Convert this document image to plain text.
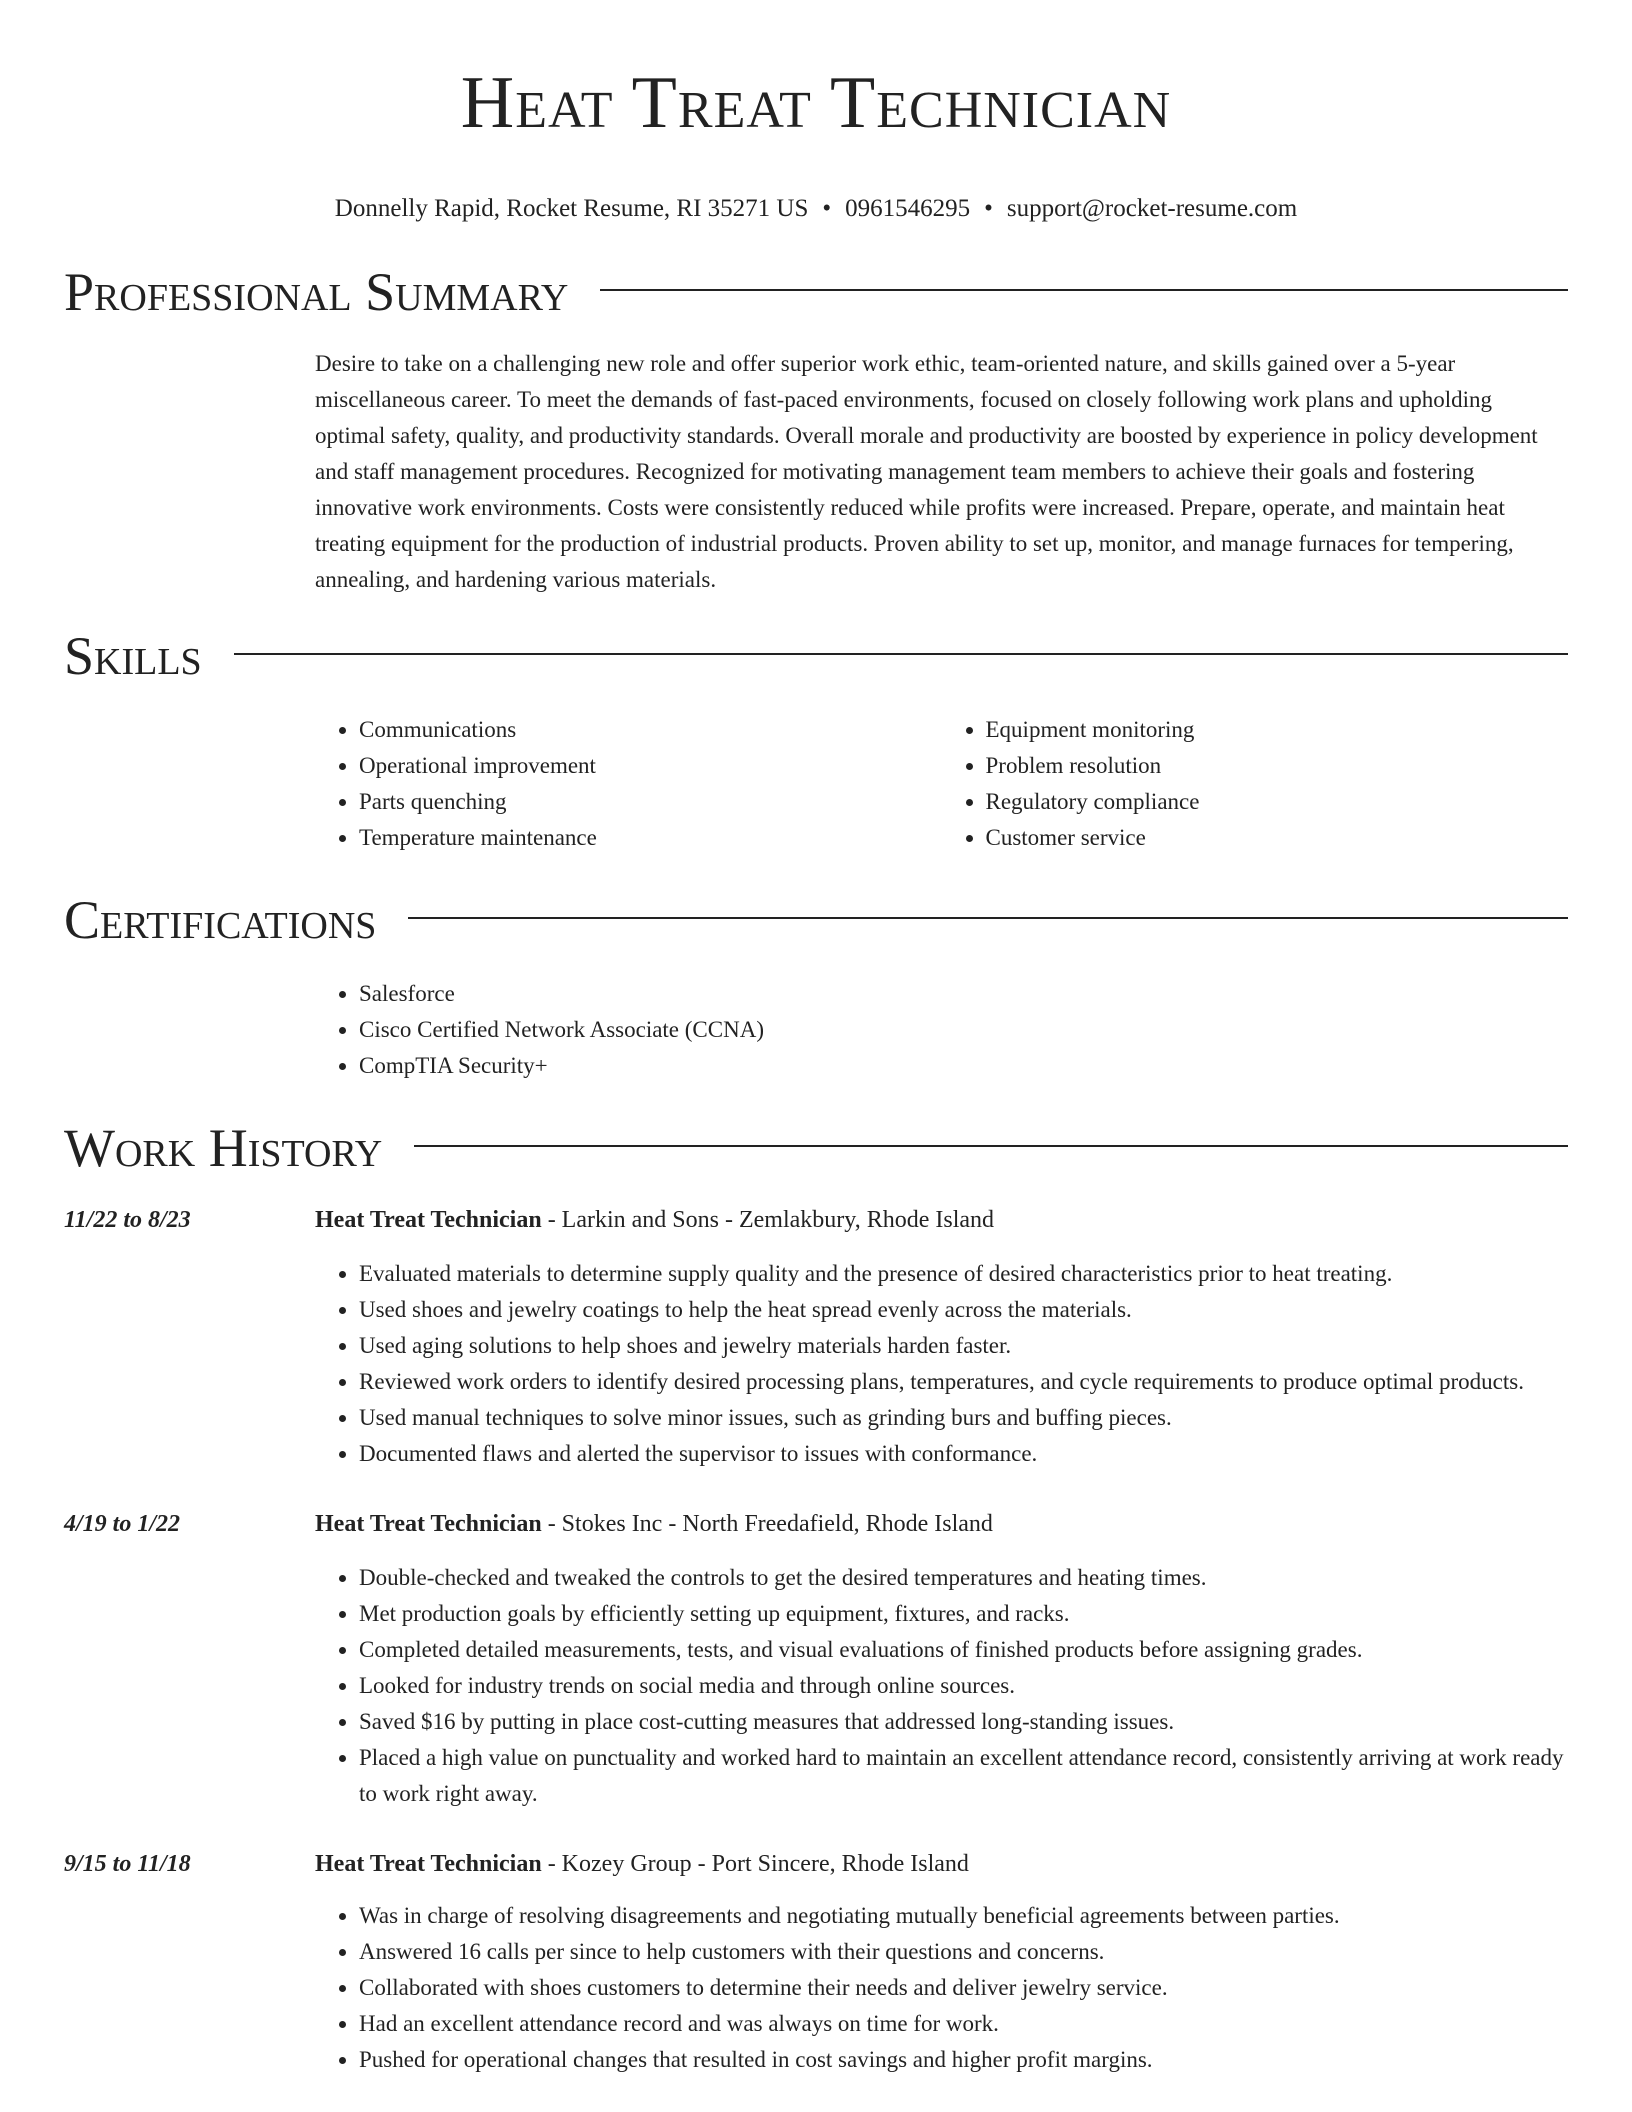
Heat Treat Technician
Donnelly Rapid, Rocket Resume, RI 35271 US • 0961546295 • support@rocket-resume.com
Professional Summary
Desire to take on a challenging new role and offer superior work ethic, team-oriented nature, and skills gained over a 5-year miscellaneous career. To meet the demands of fast-paced environments, focused on closely following work plans and upholding optimal safety, quality, and productivity standards. Overall morale and productivity are boosted by experience in policy development and staff management procedures. Recognized for motivating management team members to achieve their goals and fostering innovative work environments. Costs were consistently reduced while profits were increased. Prepare, operate, and maintain heat treating equipment for the production of industrial products. Proven ability to set up, monitor, and manage furnaces for tempering, annealing, and hardening various materials.
Skills
• Communications
• Operational improvement
• Parts quenching
• Temperature maintenance
• Equipment monitoring
• Problem resolution
• Regulatory compliance
• Customer service
Certifications
• Salesforce
• Cisco Certified Network Associate (CCNA)
• CompTIA Security+
Work History
11/22 to 8/23	Heat Treat Technician - Larkin and Sons - Zemlakbury, Rhode Island
• Evaluated materials to determine supply quality and the presence of desired characteristics prior to heat treating.
• Used shoes and jewelry coatings to help the heat spread evenly across the materials.
• Used aging solutions to help shoes and jewelry materials harden faster.
• Reviewed work orders to identify desired processing plans, temperatures, and cycle requirements to produce optimal products.
• Used manual techniques to solve minor issues, such as grinding burs and buffing pieces.
• Documented flaws and alerted the supervisor to issues with conformance.
4/19 to 1/22	Heat Treat Technician - Stokes Inc - North Freedafield, Rhode Island
• Double-checked and tweaked the controls to get the desired temperatures and heating times.
• Met production goals by efficiently setting up equipment, fixtures, and racks.
• Completed detailed measurements, tests, and visual evaluations of finished products before assigning grades.
• Looked for industry trends on social media and through online sources.
• Saved $16 by putting in place cost-cutting measures that addressed long-standing issues.
• Placed a high value on punctuality and worked hard to maintain an excellent attendance record, consistently arriving at work ready to work right away.
9/15 to 11/18	Heat Treat Technician - Kozey Group - Port Sincere, Rhode Island
• Was in charge of resolving disagreements and negotiating mutually beneficial agreements between parties.
• Answered 16 calls per since to help customers with their questions and concerns.
• Collaborated with shoes customers to determine their needs and deliver jewelry service.
• Had an excellent attendance record and was always on time for work.
• Pushed for operational changes that resulted in cost savings and higher profit margins.
